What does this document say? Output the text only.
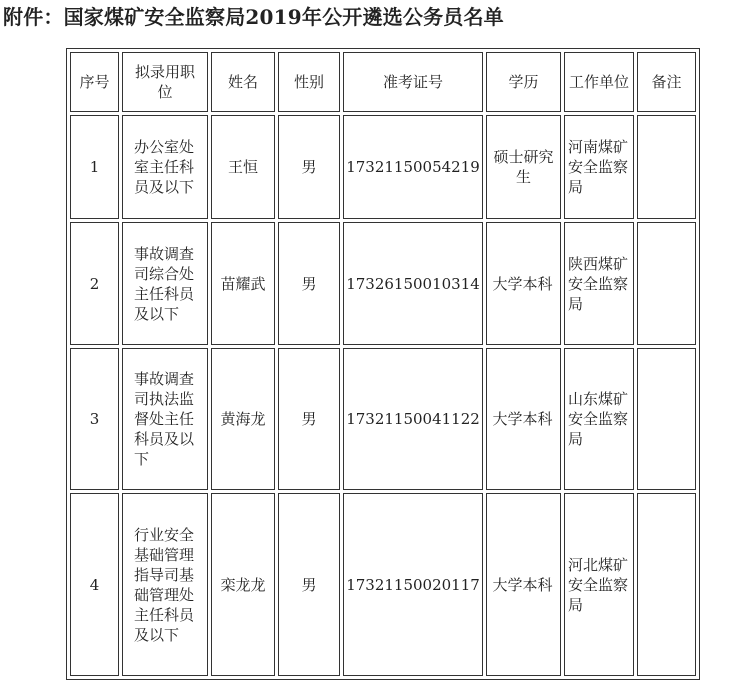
附件：国家煤矿安全监察局2019年公开遴选公务员名单
序号	拟录用职位	姓名	性别	准考证号	学历	工作单位	备注
1	办公室处室主任科员及以下	王恒	男	17321150054219	硕士研究生	河南煤矿安全监察局	

2	事故调查司综合处主任科员及以下	苗耀武	男	17326150010314	大学本科	陕西煤矿安全监察局	

3	事故调查司执法监督处主任科员及以下	黄海龙	男	17321150041122	大学本科	山东煤矿安全监察局	

4	行业安全基础管理指导司基础管理处主任科员及以下	栾龙龙	男	17321150020117	大学本科	河北煤矿安全监察局	
